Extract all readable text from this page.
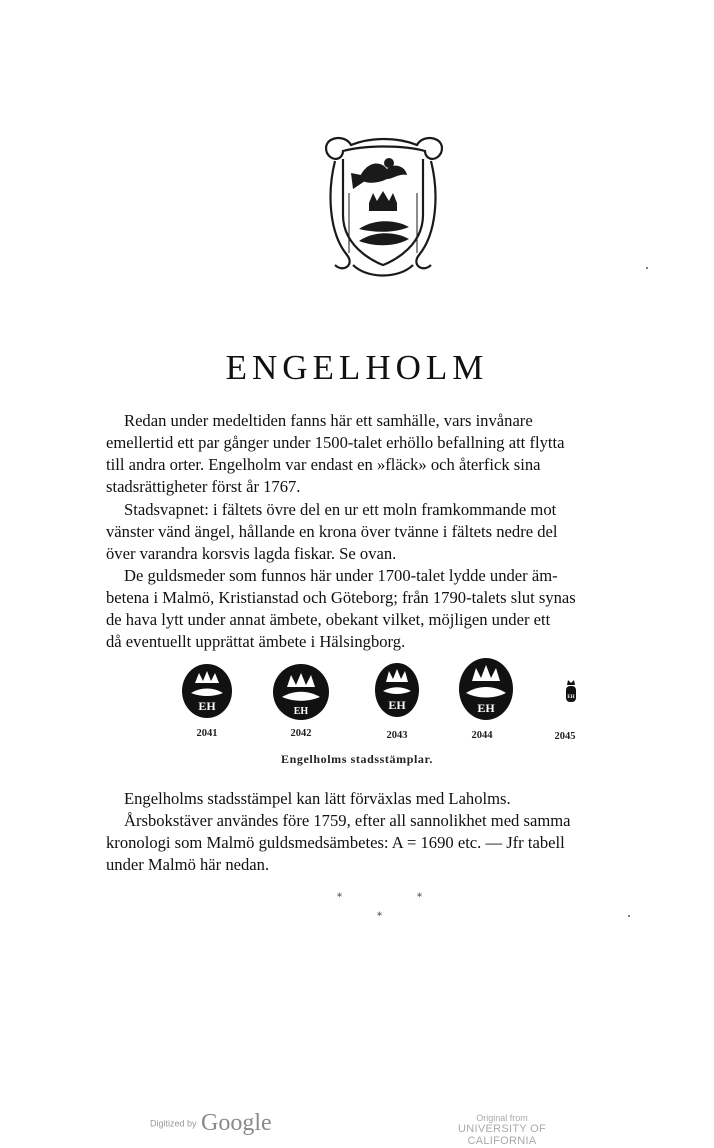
ENGELHOLM
Redan under medeltiden fanns här ett samhälle, vars invånare
emellertid ett par gånger under 1500-talet erhöllo befallning att flytta
till andra orter. Engelholm var endast en »fläck» och återfick sina
stadsrättigheter först år 1767.
Stadsvapnet: i fältets övre del en ur ett moln framkommande mot
vänster vänd ängel, hållande en krona över tvänne i fältets nedre del
över varandra korsvis lagda fiskar. Se ovan.
De guldsmeder som funnos här under 1700-talet lydde under äm-
betena i Malmö, Kristianstad och Göteborg; från 1790-talets slut synas
de hava lytt under annat ämbete, obekant vilket, möjligen under ett
då eventuellt upprättat ämbete i Hälsingborg.
EH	EH	EH	EH
EH
2041	2042	2043	2044	2045
Engelholms stadsstämplar.
Engelholms stadsstämpel kan lätt förväxlas med Laholms.
Årsbokstäver användes före 1759, efter all sannolikhet med samma
kronologi som Malmö guldsmedsämbetes: A = 1690 etc. — Jfr tabell
under Malmö här nedan.
*	*
*
Digitized by Google	Original from
UNIVERSITY OF CALIFORNIA
